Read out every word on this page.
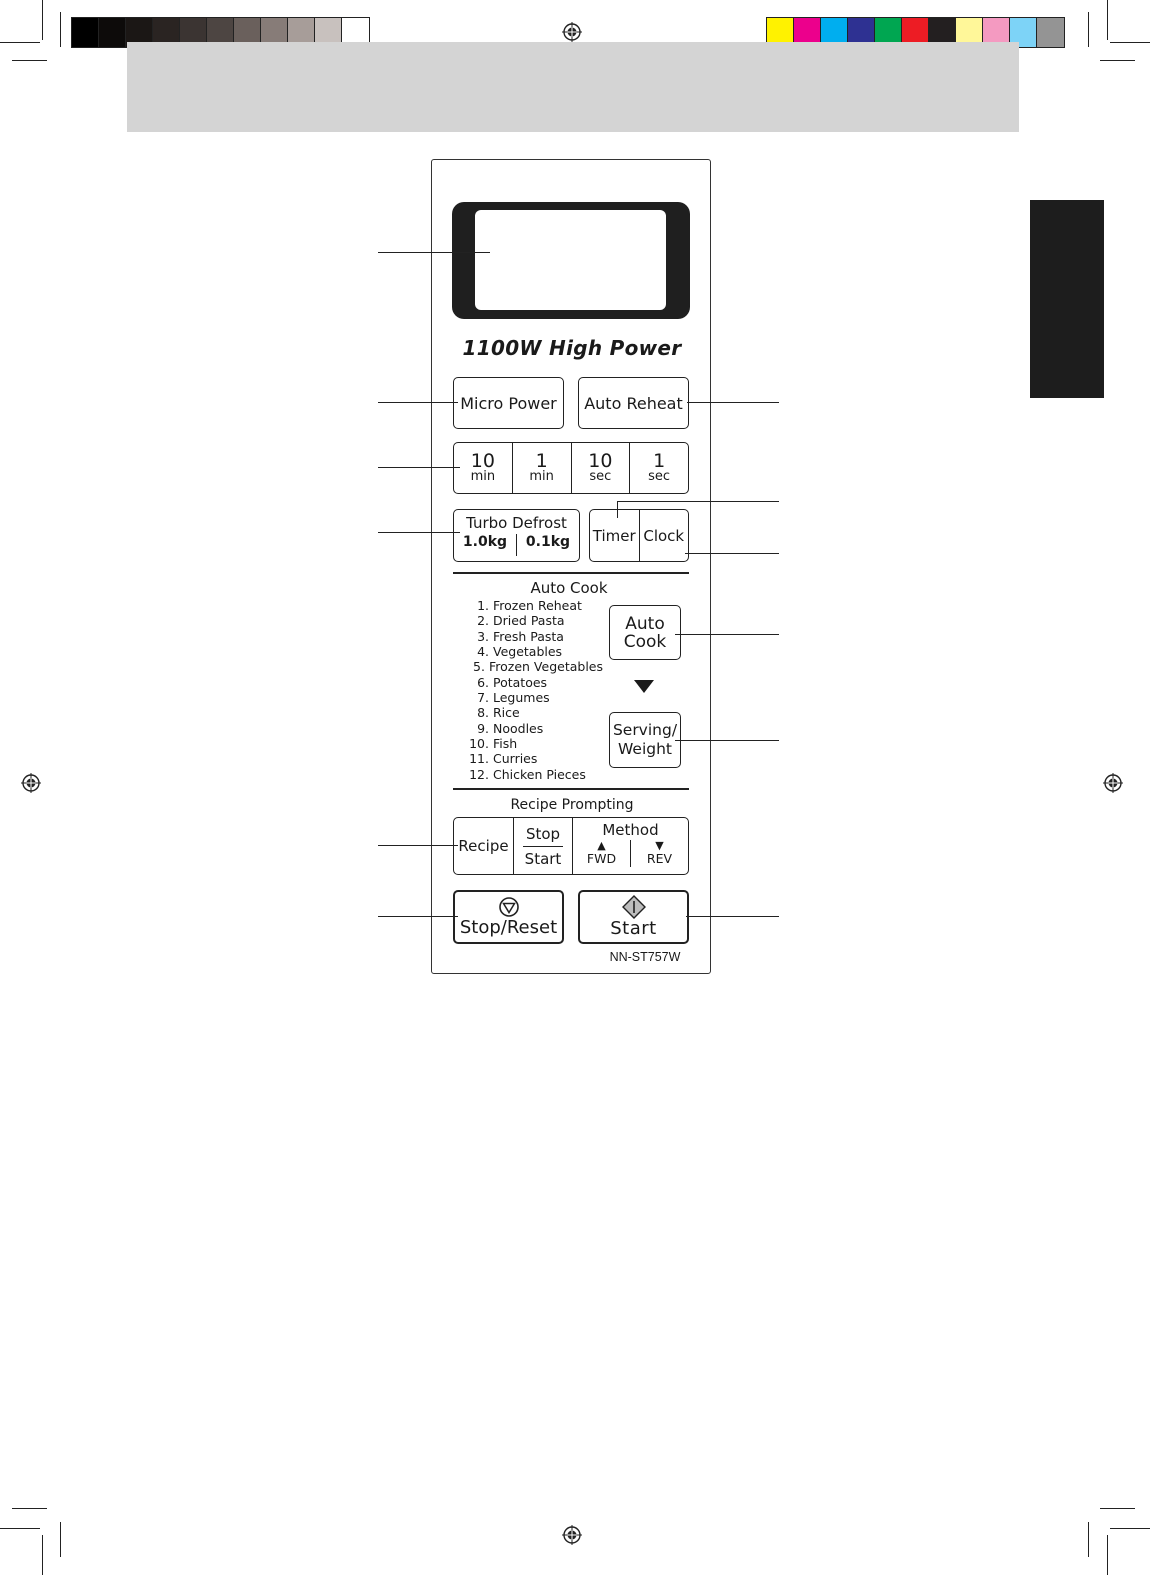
1100W High Power
Micro Power Auto Reheat
10
min
1
min
10
sec
1
sec
Turbo Defrost
1.0kg	0.1kg	Timer Clock
Auto Cook
1. Frozen Reheat
2. Dried Pasta
3. Fresh Pasta
4. Vegetables
5. Frozen Vegetables
6. Potatoes
7. Legumes
8. Rice
9. Noodles
10. Fish
11. Curries
12. Chicken Pieces
Auto
Cook
Serving/
Weight
Recipe Prompting
Recipe
Stop
Start
Method
▲
FWD
▼
REV
Stop/Reset	Start
NN-ST757W
